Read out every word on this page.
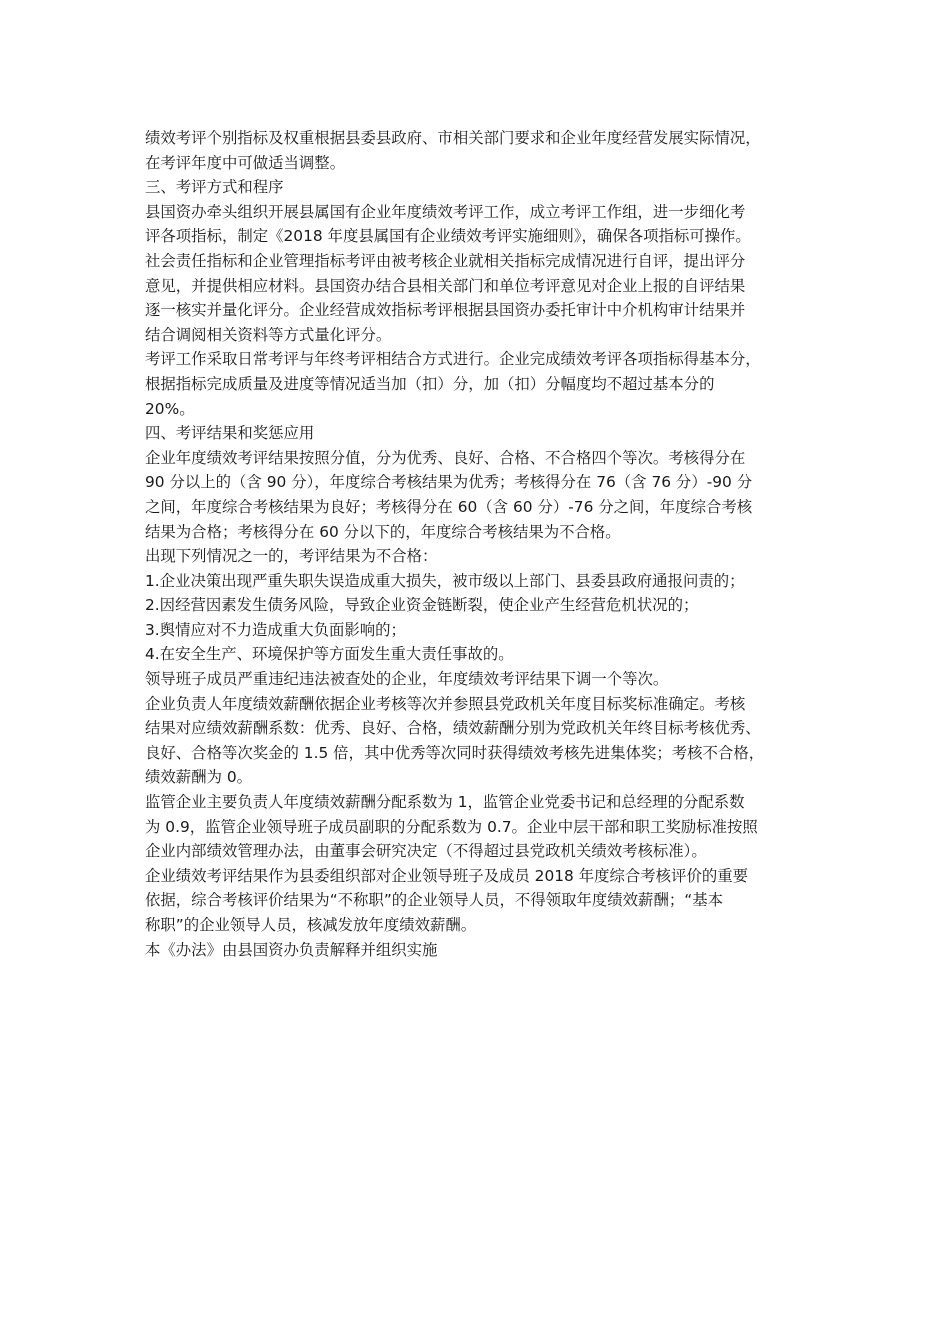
绩效考评个别指标及权重根据县委县政府、市相关部门要求和企业年度经营发展实际情况，
在考评年度中可做适当调整。

三、考评方式和程序

县国资办牵头组织开展县属国有企业年度绩效考评工作，成立考评工作组，进一步细化考
评各项指标，制定《2018 年度县属国有企业绩效考评实施细则》，确保各项指标可操作。
社会责任指标和企业管理指标考评由被考核企业就相关指标完成情况进行自评，提出评分
意见，并提供相应材料。县国资办结合县相关部门和单位考评意见对企业上报的自评结果
逐一核实并量化评分。企业经营成效指标考评根据县国资办委托审计中介机构审计结果并
结合调阅相关资料等方式量化评分。

考评工作采取日常考评与年终考评相结合方式进行。企业完成绩效考评各项指标得基本分，
根据指标完成质量及进度等情况适当加（扣）分，加（扣）分幅度均不超过基本分的
20%。

四、考评结果和奖惩应用

企业年度绩效考评结果按照分值，分为优秀、良好、合格、不合格四个等次。考核得分在
90 分以上的（含 90 分），年度综合考核结果为优秀；考核得分在 76（含 76 分）-90 分
之间，年度综合考核结果为良好；考核得分在 60（含 60 分）-76 分之间，年度综合考核
结果为合格；考核得分在 60 分以下的，年度综合考核结果为不合格。

出现下列情况之一的，考评结果为不合格：

1.企业决策出现严重失职失误造成重大损失，被市级以上部门、县委县政府通报问责的；

2.因经营因素发生债务风险，导致企业资金链断裂，使企业产生经营危机状况的；

3.舆情应对不力造成重大负面影响的；

4.在安全生产、环境保护等方面发生重大责任事故的。

领导班子成员严重违纪违法被查处的企业，年度绩效考评结果下调一个等次。

企业负责人年度绩效薪酬依据企业考核等次并参照县党政机关年度目标奖标准确定。考核
结果对应绩效薪酬系数：优秀、良好、合格，绩效薪酬分别为党政机关年终目标考核优秀、
良好、合格等次奖金的 1.5 倍，其中优秀等次同时获得绩效考核先进集体奖；考核不合格，
绩效薪酬为 0。

监管企业主要负责人年度绩效薪酬分配系数为 1，监管企业党委书记和总经理的分配系数
为 0.9，监管企业领导班子成员副职的分配系数为 0.7。企业中层干部和职工奖励标准按照
企业内部绩效管理办法，由董事会研究决定（不得超过县党政机关绩效考核标准）。

企业绩效考评结果作为县委组织部对企业领导班子及成员 2018 年度综合考核评价的重要
依据，综合考核评价结果为“不称职”的企业领导人员，不得领取年度绩效薪酬；“基本
称职”的企业领导人员，核减发放年度绩效薪酬。

本《办法》由县国资办负责解释并组织实施
